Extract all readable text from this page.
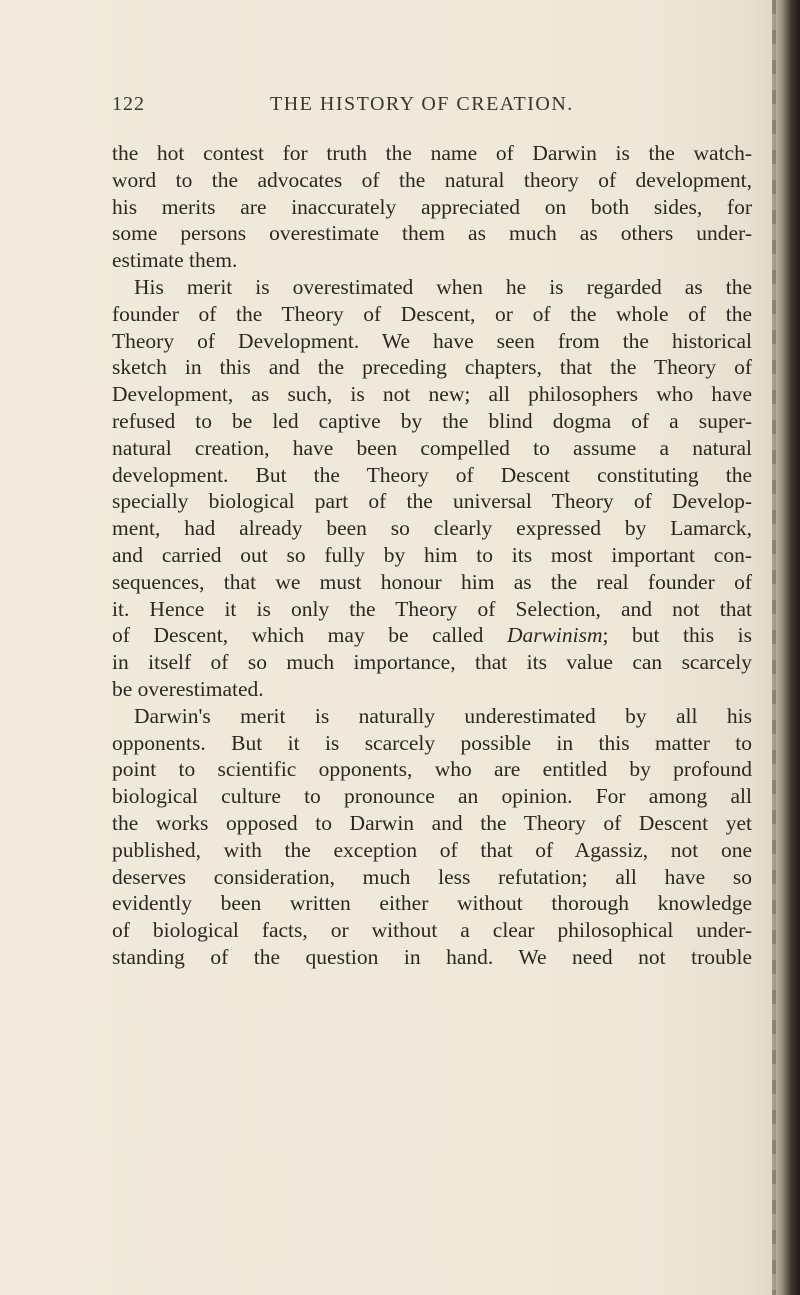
122	THE HISTORY OF CREATION.
the hot contest for truth the name of Darwin is the watch-
word to the advocates of the natural theory of development,
his merits are inaccurately appreciated on both sides, for
some persons overestimate them as much as others under-
estimate them.
His merit is overestimated when he is regarded as the
founder of the Theory of Descent, or of the whole of the
Theory of Development. We have seen from the historical
sketch in this and the preceding chapters, that the Theory of
Development, as such, is not new; all philosophers who have
refused to be led captive by the blind dogma of a super-
natural creation, have been compelled to assume a natural
development. But the Theory of Descent constituting the
specially biological part of the universal Theory of Develop-
ment, had already been so clearly expressed by Lamarck,
and carried out so fully by him to its most important con-
sequences, that we must honour him as the real founder of
it. Hence it is only the Theory of Selection, and not that
of Descent, which may be called Darwinism; but this is
in itself of so much importance, that its value can scarcely
be overestimated.
Darwin's merit is naturally underestimated by all his
opponents. But it is scarcely possible in this matter to
point to scientific opponents, who are entitled by profound
biological culture to pronounce an opinion. For among all
the works opposed to Darwin and the Theory of Descent yet
published, with the exception of that of Agassiz, not one
deserves consideration, much less refutation; all have so
evidently been written either without thorough knowledge
of biological facts, or without a clear philosophical under-
standing of the question in hand. We need not trouble
